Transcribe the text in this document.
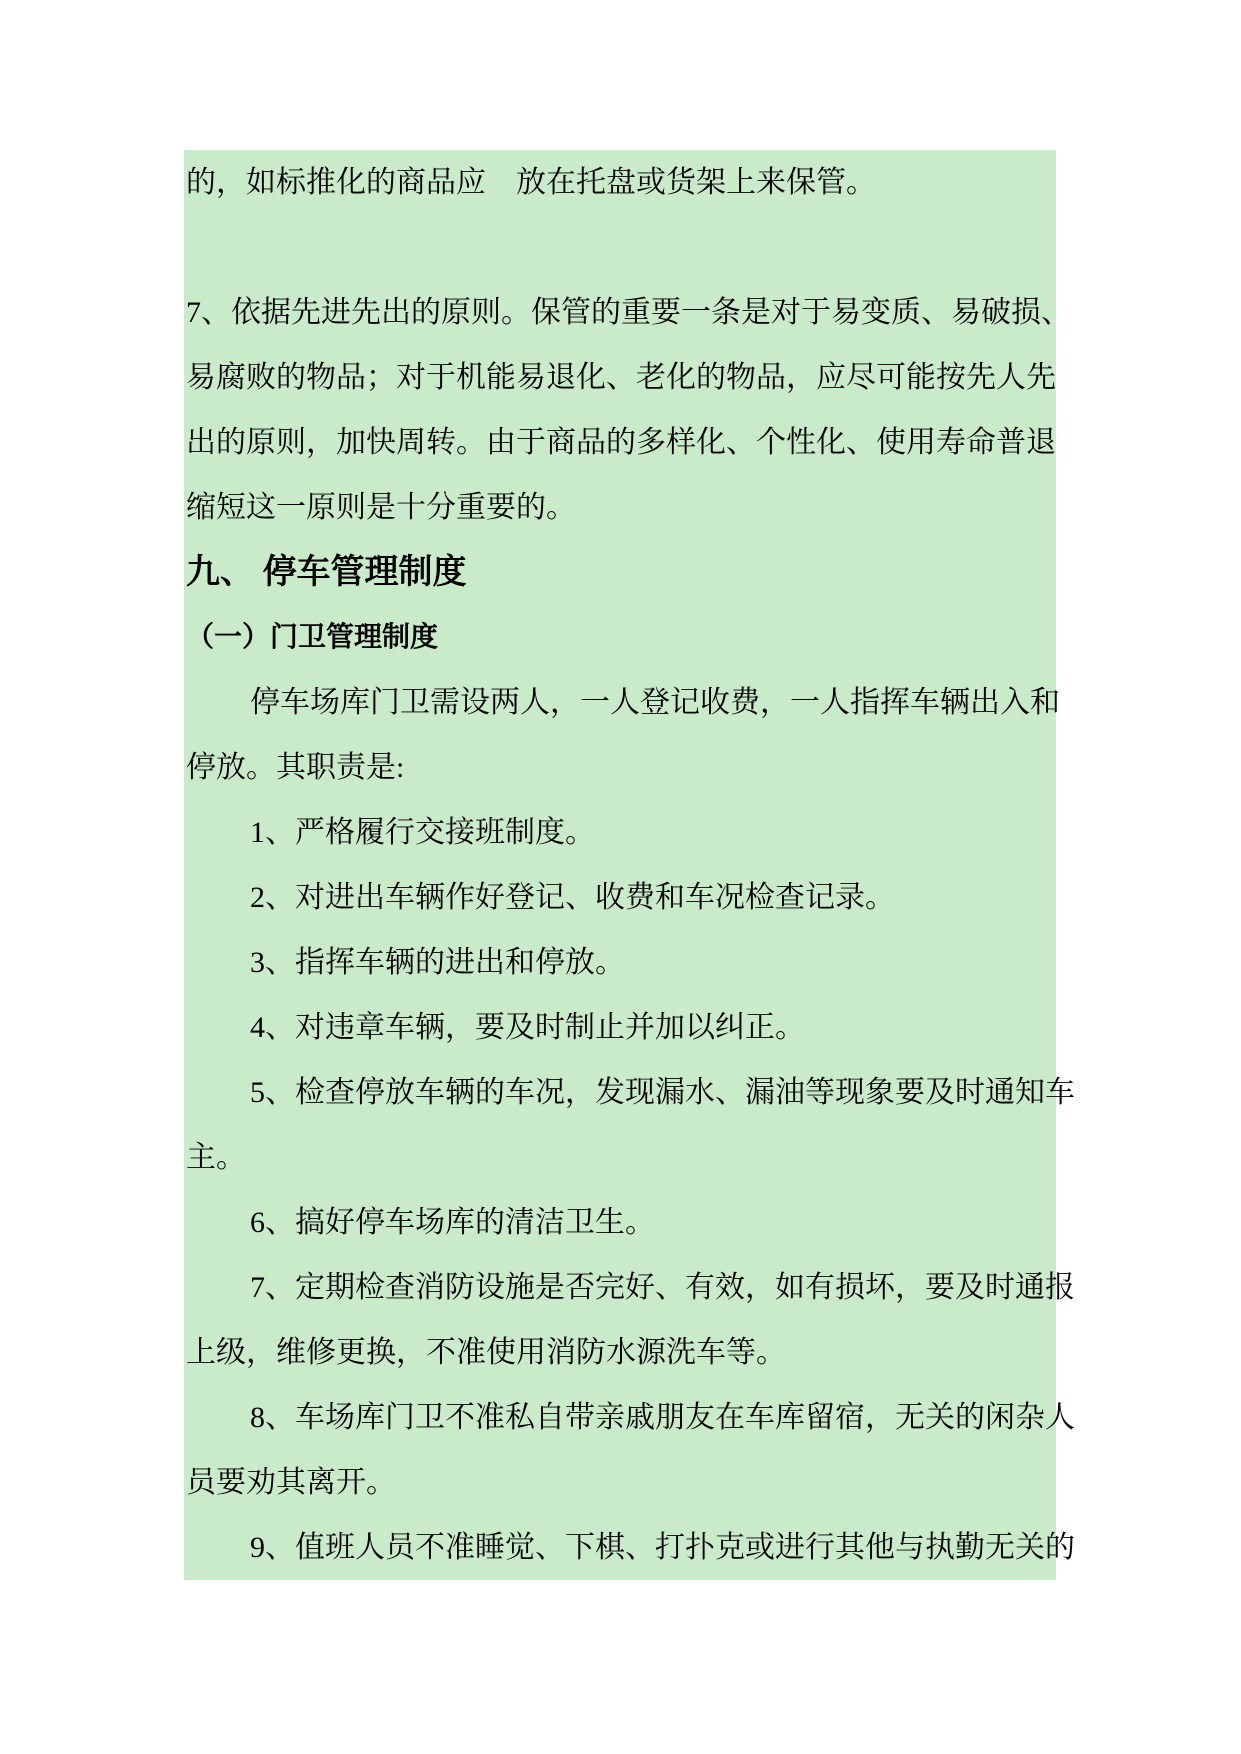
的，如标推化的商品应　放在托盘或货架上来保管。
7、依据先进先出的原则。保管的重要一条是对于易变质、易破损、
易腐败的物品；对于机能易退化、老化的物品，应尽可能按先人先
出的原则，加快周转。由于商品的多样化、个性化、使用寿命普退
缩短这一原则是十分重要的。
九、 停车管理制度
（一）门卫管理制度
停车场库门卫需设两人，一人登记收费，一人指挥车辆出入和
停放。其职责是:
1、严格履行交接班制度。
2、对进出车辆作好登记、收费和车况检查记录。
3、指挥车辆的进出和停放。
4、对违章车辆，要及时制止并加以纠正。
5、检查停放车辆的车况，发现漏水、漏油等现象要及时通知车
主。
6、搞好停车场库的清洁卫生。
7、定期检查消防设施是否完好、有效，如有损坏，要及时通报
上级，维修更换，不准使用消防水源洗车等。
8、车场库门卫不准私自带亲戚朋友在车库留宿，无关的闲杂人
员要劝其离开。
9、值班人员不准睡觉、下棋、打扑克或进行其他与执勤无关的
